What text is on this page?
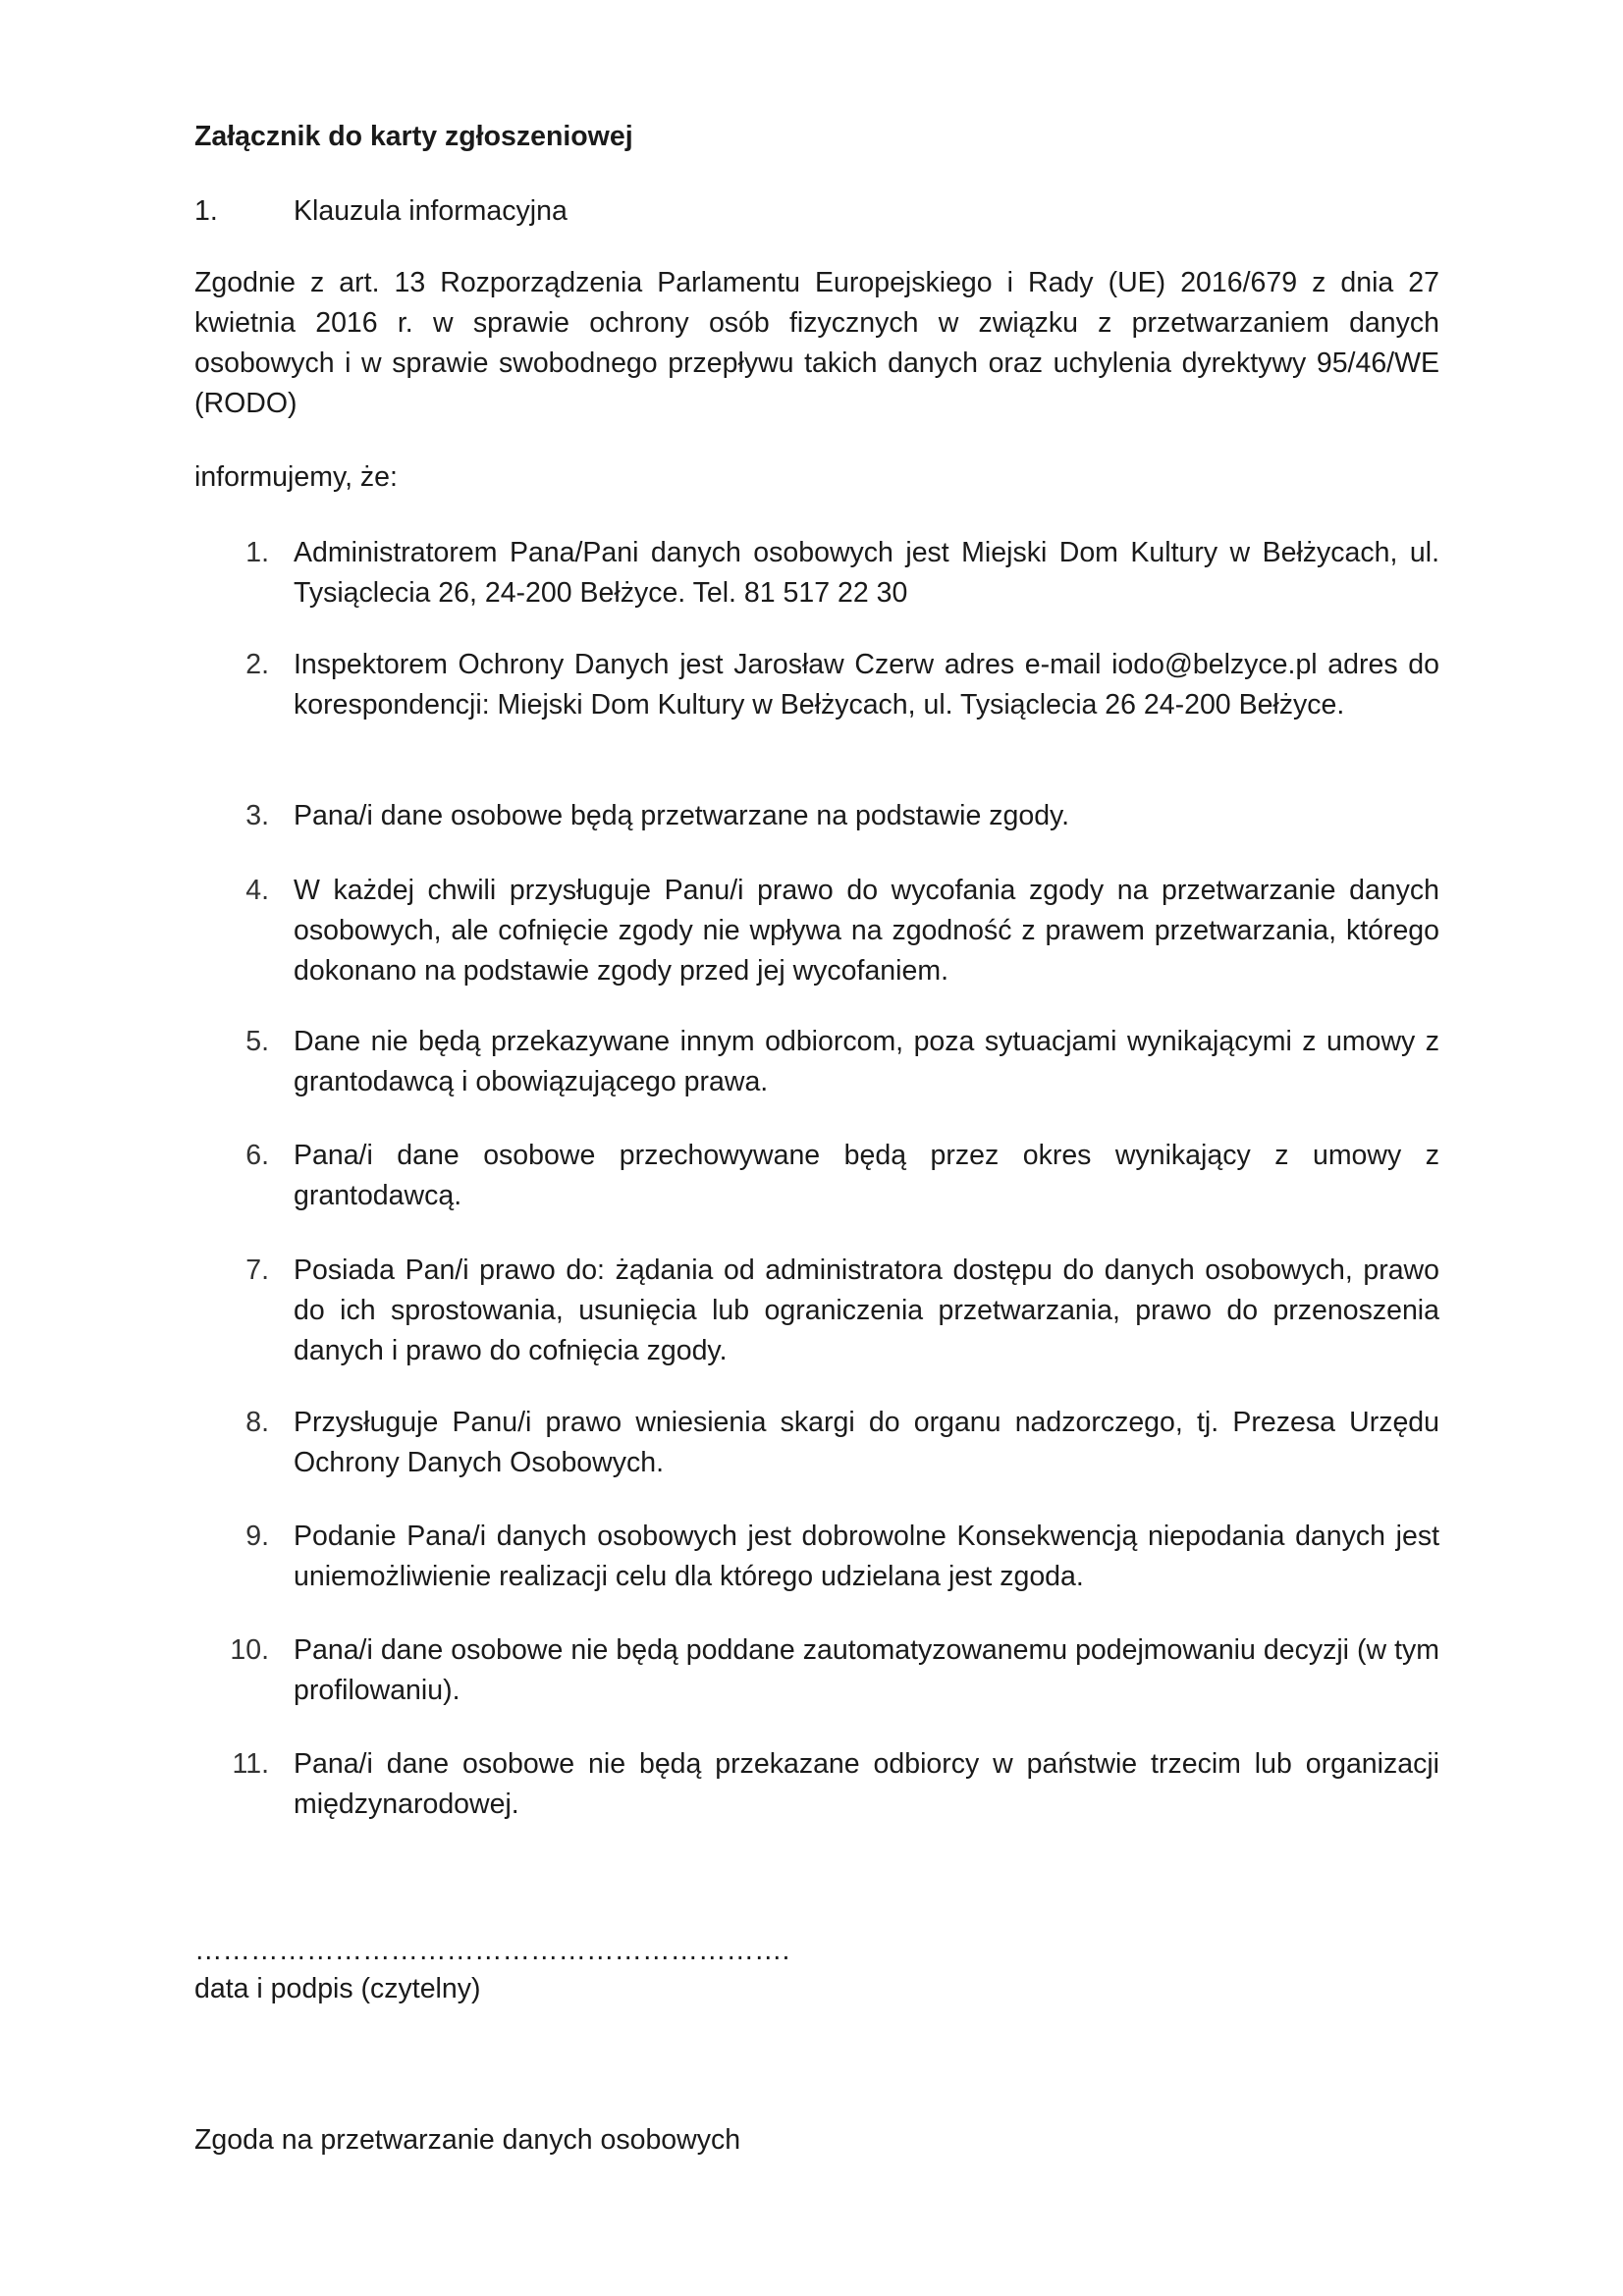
Załącznik do karty zgłoszeniowej
1.	Klauzula informacyjna

Zgodnie z art. 13 Rozporządzenia Parlamentu Europejskiego i Rady (UE) 2016/679 z dnia 27 kwietnia 2016 r. w sprawie ochrony osób fizycznych w związku z przetwarzaniem danych osobowych i w sprawie swobodnego przepływu takich danych oraz uchylenia dyrektywy 95/46/WE (RODO)

informujemy, że:
1. Administratorem Pana/Pani danych osobowych jest Miejski Dom Kultury w Bełżycach, ul. Tysiąclecia 26, 24-200 Bełżyce. Tel. 81 517 22 30

2. Inspektorem Ochrony Danych jest Jarosław Czerw adres e-mail iodo@belzyce.pl adres do korespondencji: Miejski Dom Kultury w Bełżycach, ul. Tysiąclecia 26 24-200 Bełżyce.

3. Pana/i dane osobowe będą przetwarzane na podstawie zgody.

4. W każdej chwili przysługuje Panu/i prawo do wycofania zgody na przetwarzanie danych osobowych, ale cofnięcie zgody nie wpływa na zgodność z prawem przetwarzania, którego dokonano na podstawie zgody przed jej wycofaniem.

5. Dane nie będą przekazywane innym odbiorcom, poza sytuacjami wynikającymi z umowy z grantodawcą i obowiązującego prawa.

6. Pana/i dane osobowe przechowywane będą przez okres wynikający z umowy z grantodawcą.

7. Posiada Pan/i prawo do: żądania od administratora dostępu do danych osobowych, prawo do ich sprostowania, usunięcia lub ograniczenia przetwarzania, prawo do przenoszenia danych i prawo do cofnięcia zgody.

8. Przysługuje Panu/i prawo wniesienia skargi do organu nadzorczego, tj. Prezesa Urzędu Ochrony Danych Osobowych.

9. Podanie Pana/i danych osobowych jest dobrowolne Konsekwencją niepodania danych jest uniemożliwienie realizacji celu dla którego udzielana jest zgoda.

10. Pana/i dane osobowe nie będą poddane zautomatyzowanemu podejmowaniu decyzji (w tym profilowaniu).

11. Pana/i dane osobowe nie będą przekazane odbiorcy w państwie trzecim lub organizacji międzynarodowej.

……………………………………………………….
data i podpis (czytelny)
Zgoda na przetwarzanie danych osobowych
